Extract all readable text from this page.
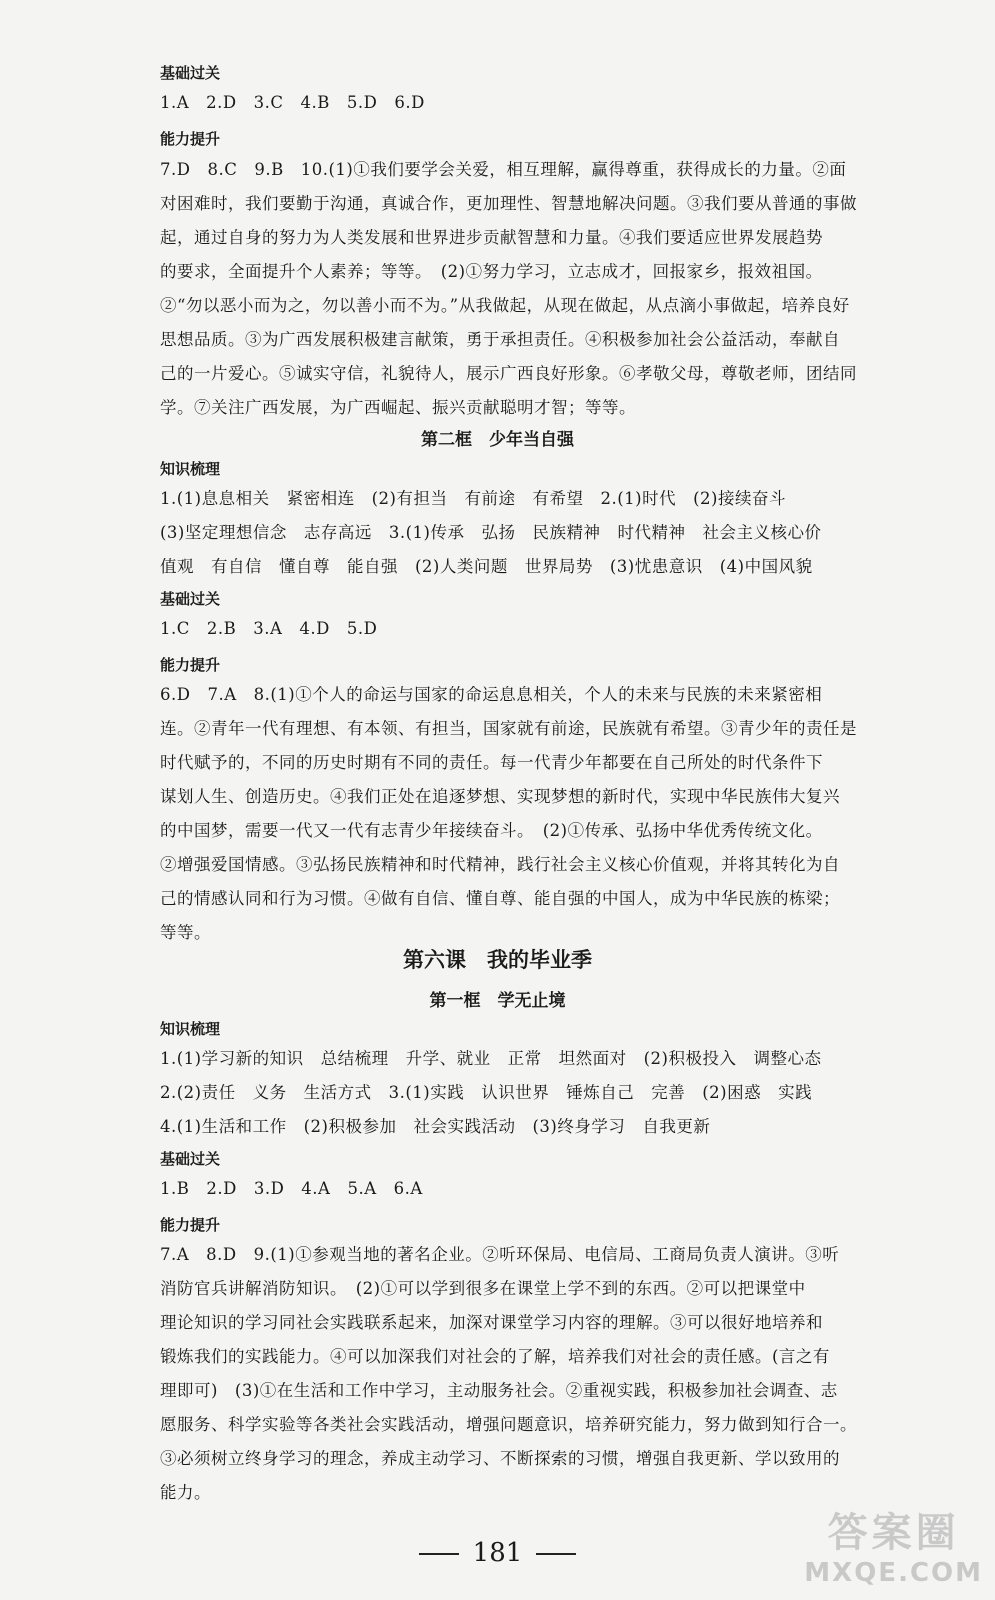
基础过关
1.A　2.D　3.C　4.B　5.D　6.D
能力提升
7.D　8.C　9.B　10.(1)①我们要学会关爱，相互理解，赢得尊重，获得成长的力量。②面
对困难时，我们要勤于沟通，真诚合作，更加理性、智慧地解决问题。③我们要从普通的事做
起，通过自身的努力为人类发展和世界进步贡献智慧和力量。④我们要适应世界发展趋势
的要求，全面提升个人素养；等等。　(2)①努力学习，立志成才，回报家乡，报效祖国。
②“勿以恶小而为之，勿以善小而不为。”从我做起，从现在做起，从点滴小事做起，培养良好
思想品质。③为广西发展积极建言献策，勇于承担责任。④积极参加社会公益活动，奉献自
己的一片爱心。⑤诚实守信，礼貌待人，展示广西良好形象。⑥孝敬父母，尊敬老师，团结同
学。⑦关注广西发展，为广西崛起、振兴贡献聪明才智；等等。
第二框　少年当自强
知识梳理
1.(1)息息相关　紧密相连　(2)有担当　有前途　有希望　2.(1)时代　(2)接续奋斗
(3)坚定理想信念　志存高远　3.(1)传承　弘扬　民族精神　时代精神　社会主义核心价
值观　有自信　懂自尊　能自强　(2)人类问题　世界局势　(3)忧患意识　(4)中国风貌
基础过关
1.C　2.B　3.A　4.D　5.D
能力提升
6.D　7.A　8.(1)①个人的命运与国家的命运息息相关，个人的未来与民族的未来紧密相
连。②青年一代有理想、有本领、有担当，国家就有前途，民族就有希望。③青少年的责任是
时代赋予的，不同的历史时期有不同的责任。每一代青少年都要在自己所处的时代条件下
谋划人生、创造历史。④我们正处在追逐梦想、实现梦想的新时代，实现中华民族伟大复兴
的中国梦，需要一代又一代有志青少年接续奋斗。　(2)①传承、弘扬中华优秀传统文化。
②增强爱国情感。③弘扬民族精神和时代精神，践行社会主义核心价值观，并将其转化为自
己的情感认同和行为习惯。④做有自信、懂自尊、能自强的中国人，成为中华民族的栋梁；
等等。
第六课　我的毕业季
第一框　学无止境
知识梳理
1.(1)学习新的知识　总结梳理　升学、就业　正常　坦然面对　(2)积极投入　调整心态
2.(2)责任　义务　生活方式　3.(1)实践　认识世界　锤炼自己　完善　(2)困惑　实践
4.(1)生活和工作　(2)积极参加　社会实践活动　(3)终身学习　自我更新
基础过关
1.B　2.D　3.D　4.A　5.A　6.A
能力提升
7.A　8.D　9.(1)①参观当地的著名企业。②听环保局、电信局、工商局负责人演讲。③听
消防官兵讲解消防知识。　(2)①可以学到很多在课堂上学不到的东西。②可以把课堂中
理论知识的学习同社会实践联系起来，加深对课堂学习内容的理解。③可以很好地培养和
锻炼我们的实践能力。④可以加深我们对社会的了解，培养我们对社会的责任感。(言之有
理即可)　(3)①在生活和工作中学习，主动服务社会。②重视实践，积极参加社会调查、志
愿服务、科学实验等各类社会实践活动，增强问题意识，培养研究能力，努力做到知行合一。
③必须树立终身学习的理念，养成主动学习、不断探索的习惯，增强自我更新、学以致用的
能力。
181	答案圈
MXQE.COM
